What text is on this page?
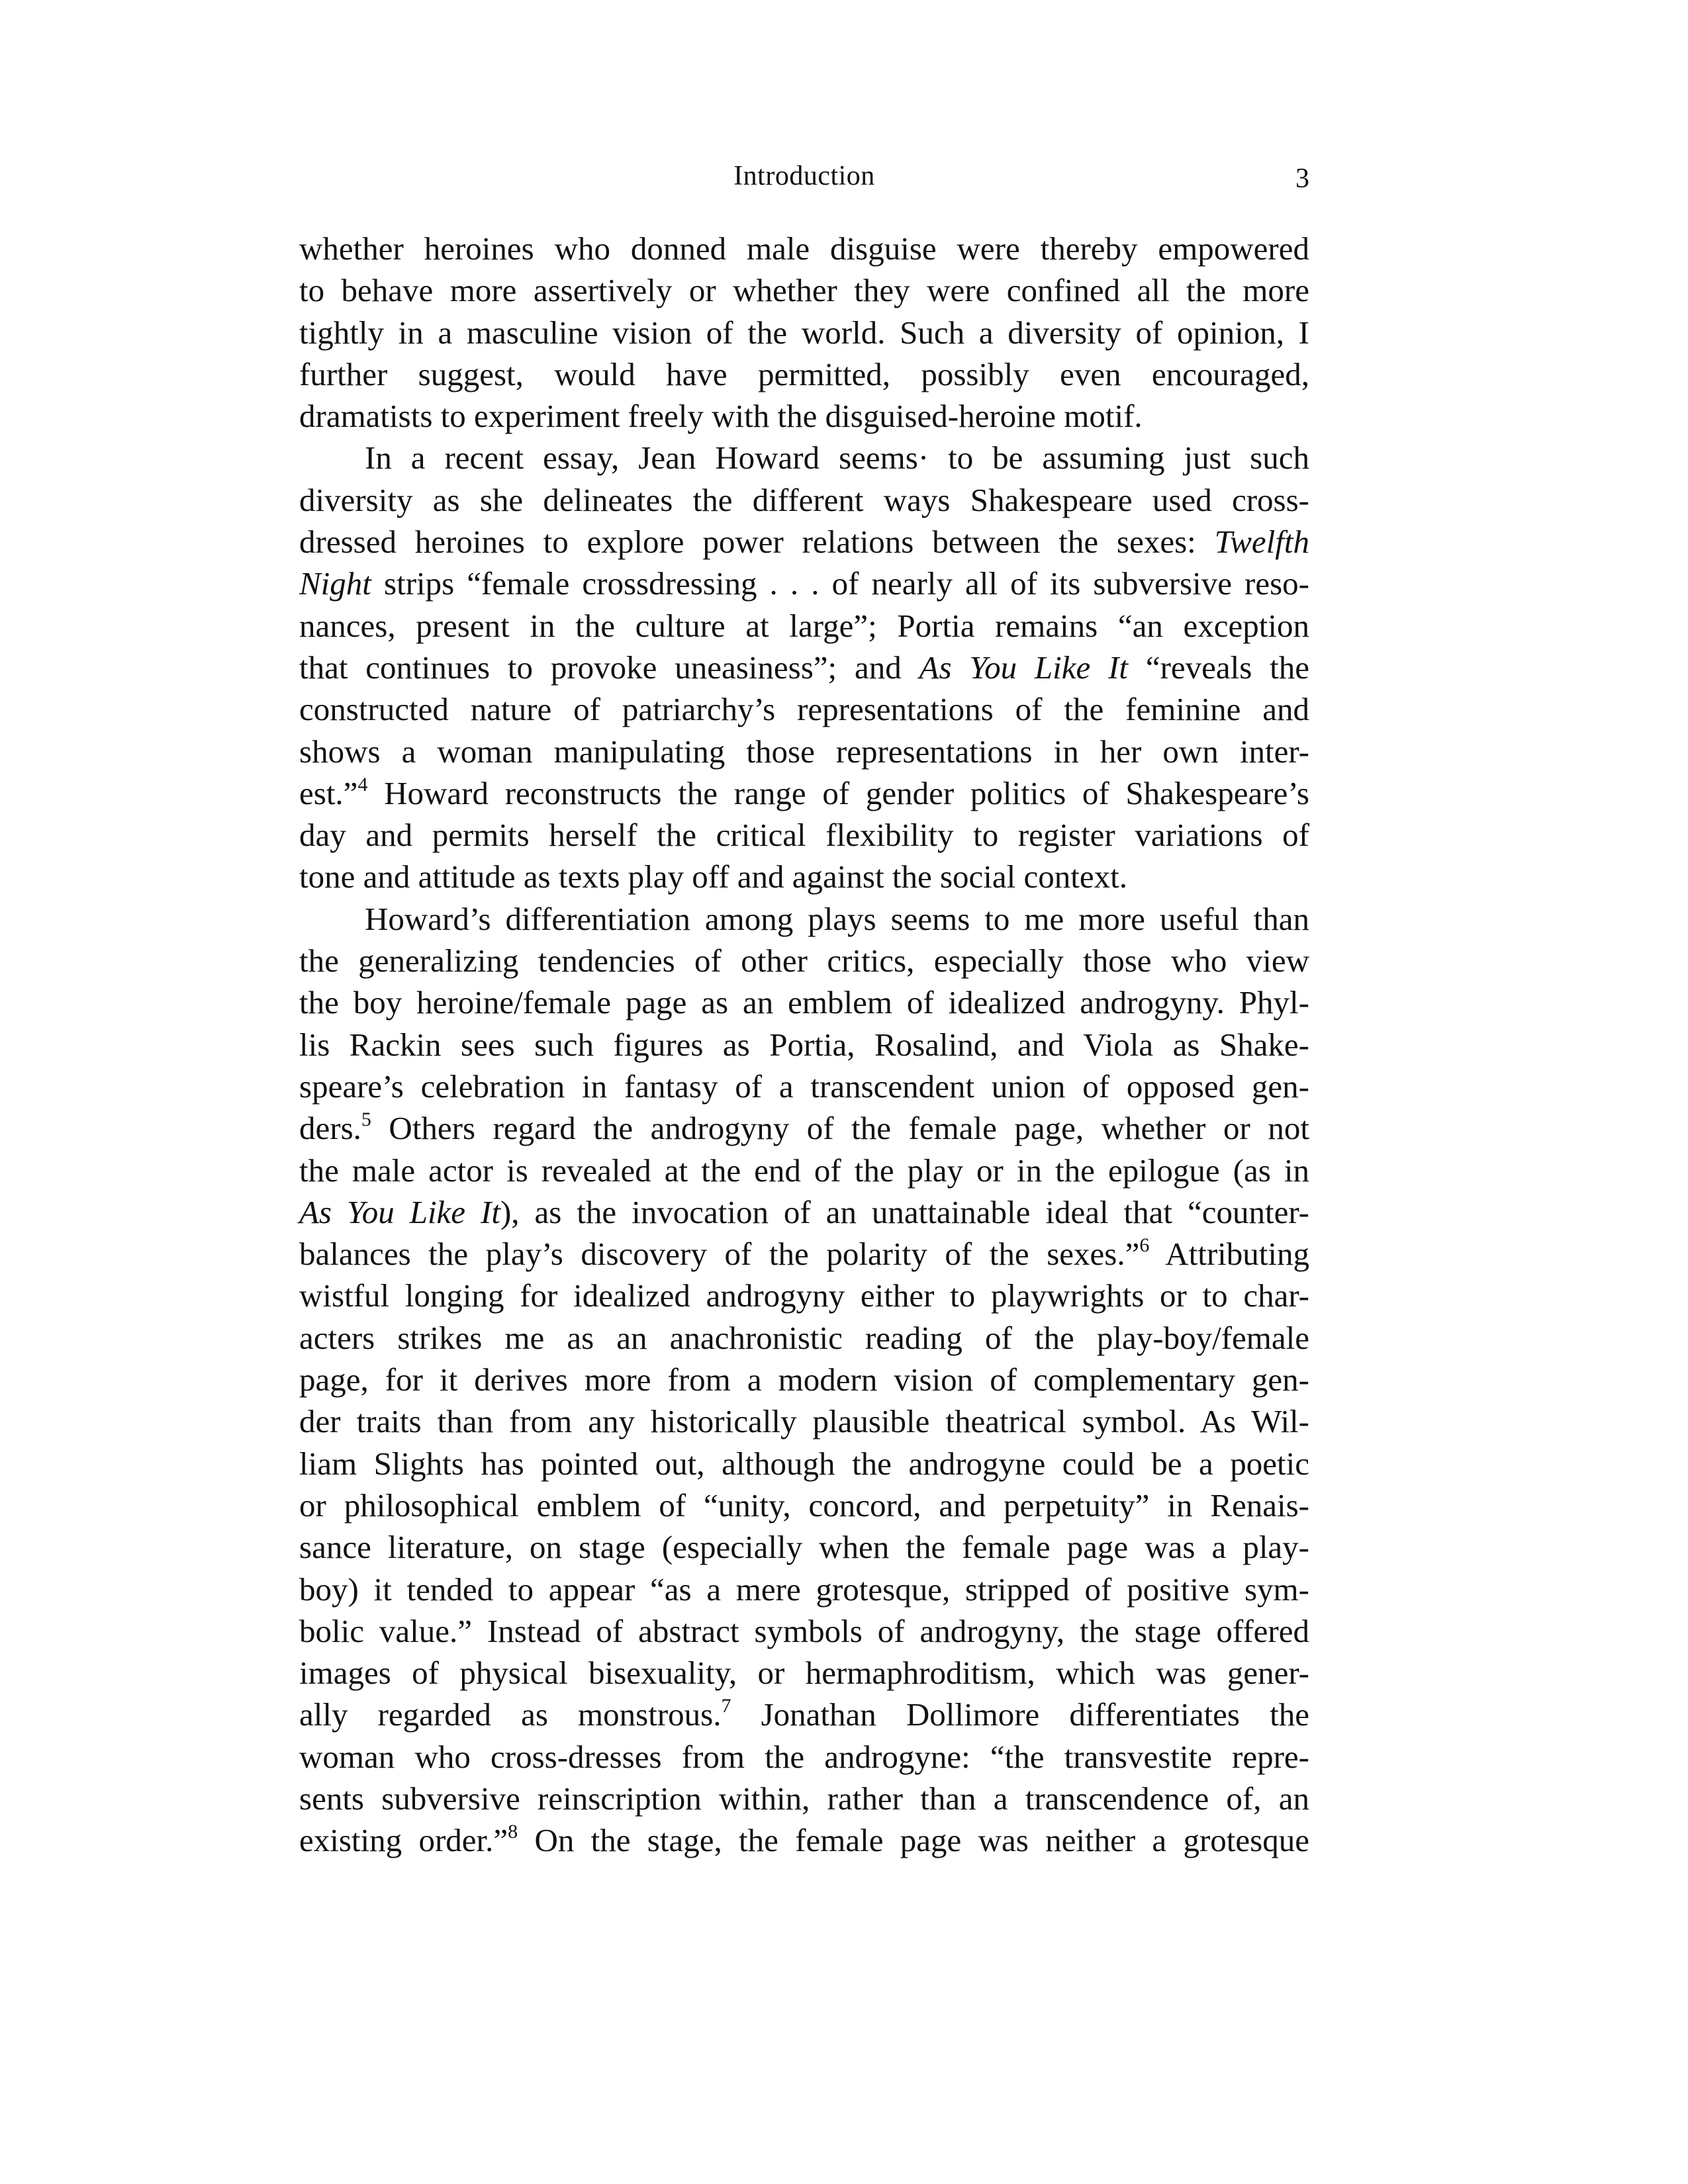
Introduction	3
whether heroines who donned male disguise were thereby empowered
to behave more assertively or whether they were confined all the more
tightly in a masculine vision of the world. Such a diversity of opinion, I
further suggest, would have permitted, possibly even encouraged,
dramatists to experiment freely with the disguised-heroine motif.
In a recent essay, Jean Howard seems· to be assuming just such
diversity as she delineates the different ways Shakespeare used cross-
dressed heroines to explore power relations between the sexes: Twelfth
Night strips “female crossdressing . . . of nearly all of its subversive reso-
nances, present in the culture at large”; Portia remains “an exception
that continues to provoke uneasiness”; and As You Like It “reveals the
constructed nature of patriarchy’s representations of the feminine and
shows a woman manipulating those representations in her own inter-
est.”$^4$ Howard reconstructs the range of gender politics of Shakespeare’s
day and permits herself the critical flexibility to register variations of
tone and attitude as texts play off and against the social context.
Howard’s differentiation among plays seems to me more useful than
the generalizing tendencies of other critics, especially those who view
the boy heroine/female page as an emblem of idealized androgyny. Phyl-
lis Rackin sees such figures as Portia, Rosalind, and Viola as Shake-
speare’s celebration in fantasy of a transcendent union of opposed gen-
ders.$^5$ Others regard the androgyny of the female page, whether or not
the male actor is revealed at the end of the play or in the epilogue (as in
As You Like It), as the invocation of an unattainable ideal that “counter-
balances the play’s discovery of the polarity of the sexes.”$^6$ Attributing
wistful longing for idealized androgyny either to playwrights or to char-
acters strikes me as an anachronistic reading of the play-boy/female
page, for it derives more from a modern vision of complementary gen-
der traits than from any historically plausible theatrical symbol. As Wil-
liam Slights has pointed out, although the androgyne could be a poetic
or philosophical emblem of “unity, concord, and perpetuity” in Renais-
sance literature, on stage (especially when the female page was a play-
boy) it tended to appear “as a mere grotesque, stripped of positive sym-
bolic value.” Instead of abstract symbols of androgyny, the stage offered
images of physical bisexuality, or hermaphroditism, which was gener-
ally regarded as monstrous.$^7$ Jonathan Dollimore differentiates the
woman who cross-dresses from the androgyne: “the transvestite repre-
sents subversive reinscription within, rather than a transcendence of, an
existing order.”$^8$ On the stage, the female page was neither a grotesque
